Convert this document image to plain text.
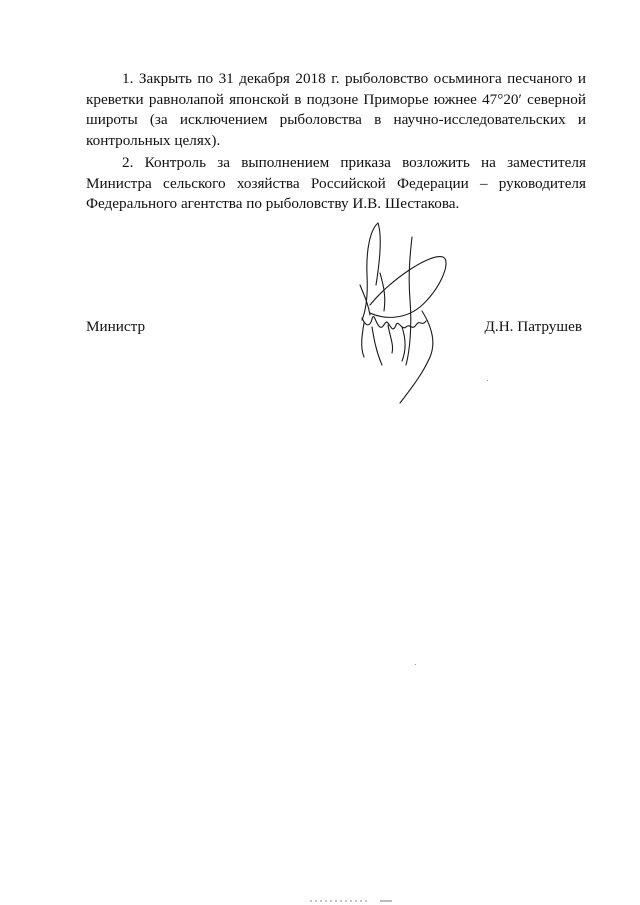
1. Закрыть по 31 декабря 2018 г. рыболовство осьминога песчаного и креветки равнолапой японской в подзоне Приморье южнее 47°20′ северной широты (за исключением рыболовства в научно-исследовательских и контрольных целях).

2. Контроль за выполнением приказа возложить на заместителя Министра сельского хозяйства Российской Федерации – руководителя Федерального агентства по рыболовству И.В. Шестакова.

Министр	Д.Н. Патрушев
